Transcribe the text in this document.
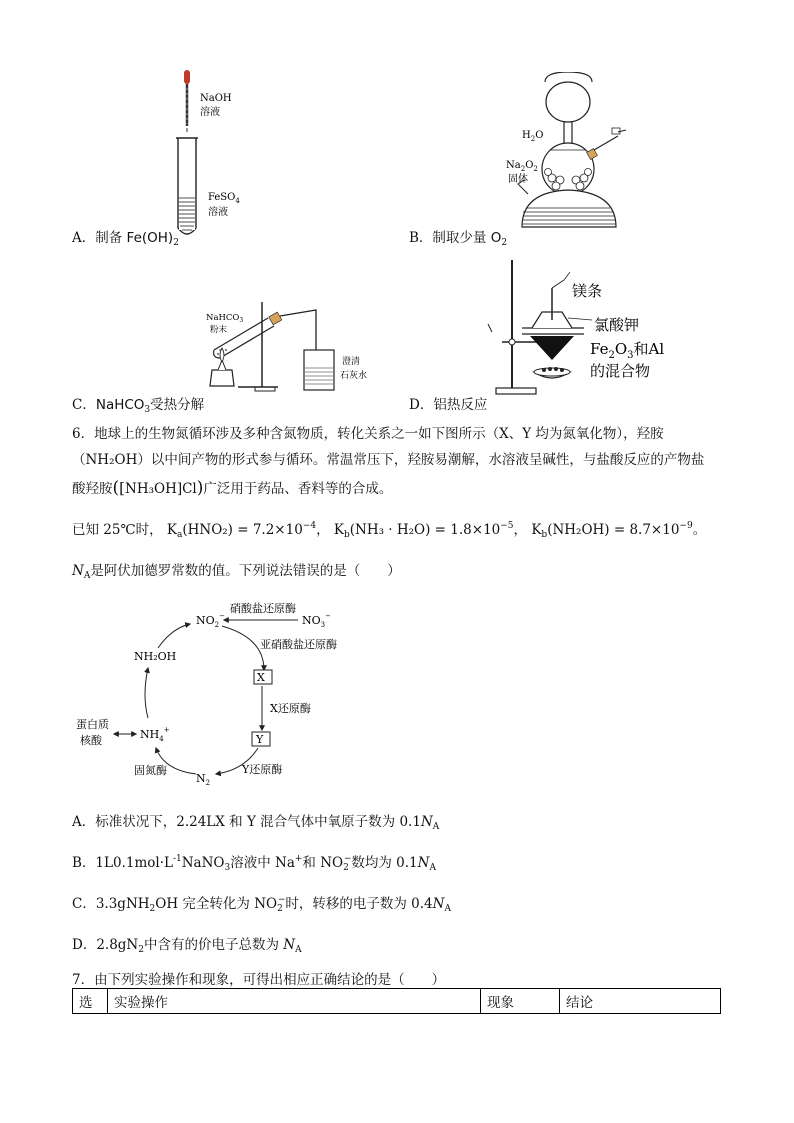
NaOH
溶液
FeSO$_4$
溶液
A．制备 $Fe(OH)_2$
$H_2O$
$Na_2O_2$
固体
B．制取少量 $O_2$
NaHCO$_3$
粉末
澄清
石灰水
C．NaHCO$_3$受热分解
镁条
氯酸钾
$Fe_2O_3$和Al
的混合物
D．铝热反应
6．地球上的生物氮循环涉及多种含氮物质，转化关系之一如下图所示（X、Y 均为氮氧化物），羟胺
（NH₂OH）以中间产物的形式参与循环。常温常压下，羟胺易潮解，水溶液呈碱性，与盐酸反应的产物盐
酸羟胺([NH₃OH]Cl)广泛用于药品、香料等的合成。
已知 25℃时， $K_a(HNO_2) = 7.2\times 10^{-4}$， $K_b(NH_3 \cdot H_2O) = 1.8\times 10^{-5}$， $K_b(NH_2OH) = 8.7\times 10^{-9}$。
$N_A$是阿伏加德罗常数的值。下列说法错误的是（　　）
X
Y
$NO_2^-$	$NO_3^-$
硝酸盐还原酶
亚硝酸盐还原酶
X还原酶
Y还原酶
$N_2$
固氮酶
$NH_4^+$
NH₂OH
蛋白质
核酸
A．标准状况下，2.24LX 和 Y 混合气体中氧原子数为 $0.1N_A$
B．$1L0.1mol\cdot L^{-1}NaNO_3$溶液中 Na+和 $NO_2^-$数均为 $0.1N_A$
C．3.3gNH$_2$OH 完全转化为 $NO_2^-$时，转移的电子数为 $0.4N_A$
D．$2.8gN_2$中含有的价电子总数为 $N_A$
7．由下列实验操作和现象，可得出相应正确结论的是（　　）
选	实验操作	现象	结论
